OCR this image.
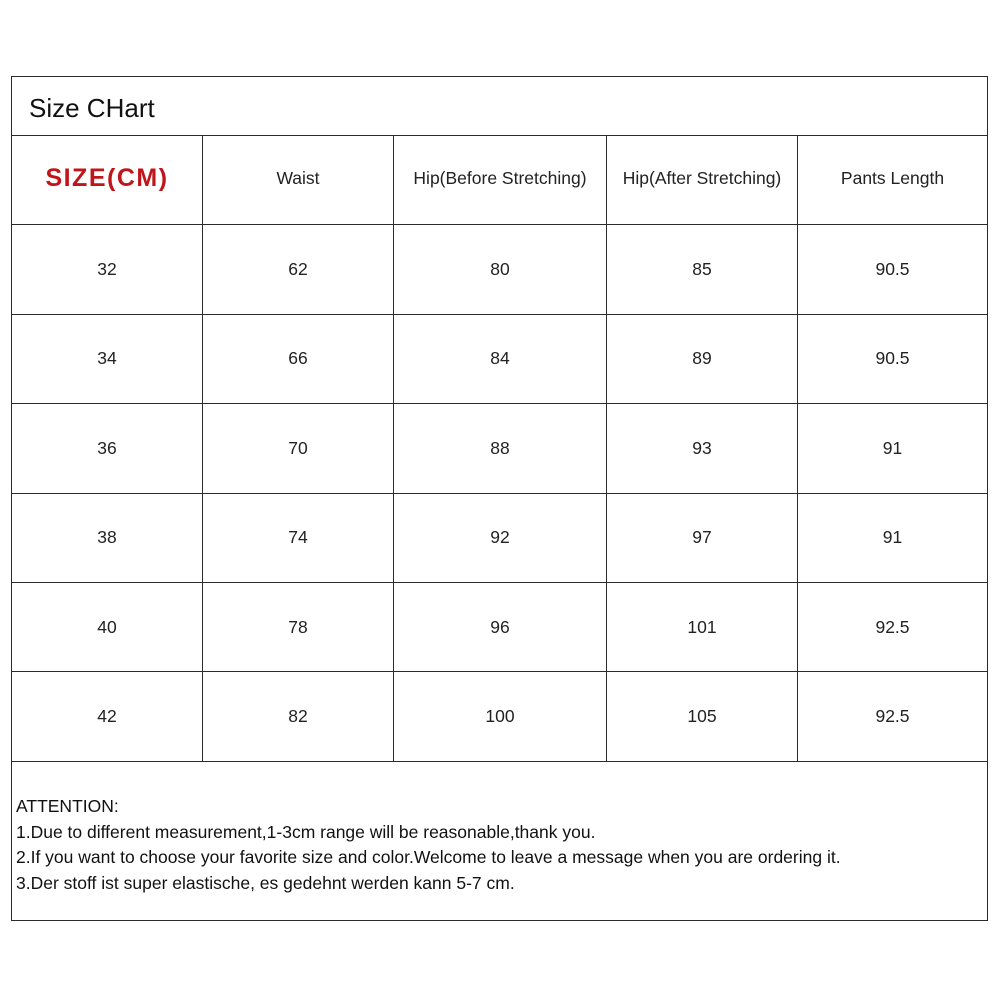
Size CHart
SIZE(CM)	Waist	Hip(Before Stretching)	Hip(After Stretching)	Pants Length
32	62	80	85	90.5
34	66	84	89	90.5
36	70	88	93	91
38	74	92	97	91
40	78	96	101	92.5
42	82	100	105	92.5
ATTENTION:
1.Due to different measurement,1-3cm range will be reasonable,thank you.
2.If you want to choose your favorite size and color.Welcome to leave a message when you are ordering it.
3.Der stoff ist super elastische, es gedehnt werden kann 5-7 cm.
